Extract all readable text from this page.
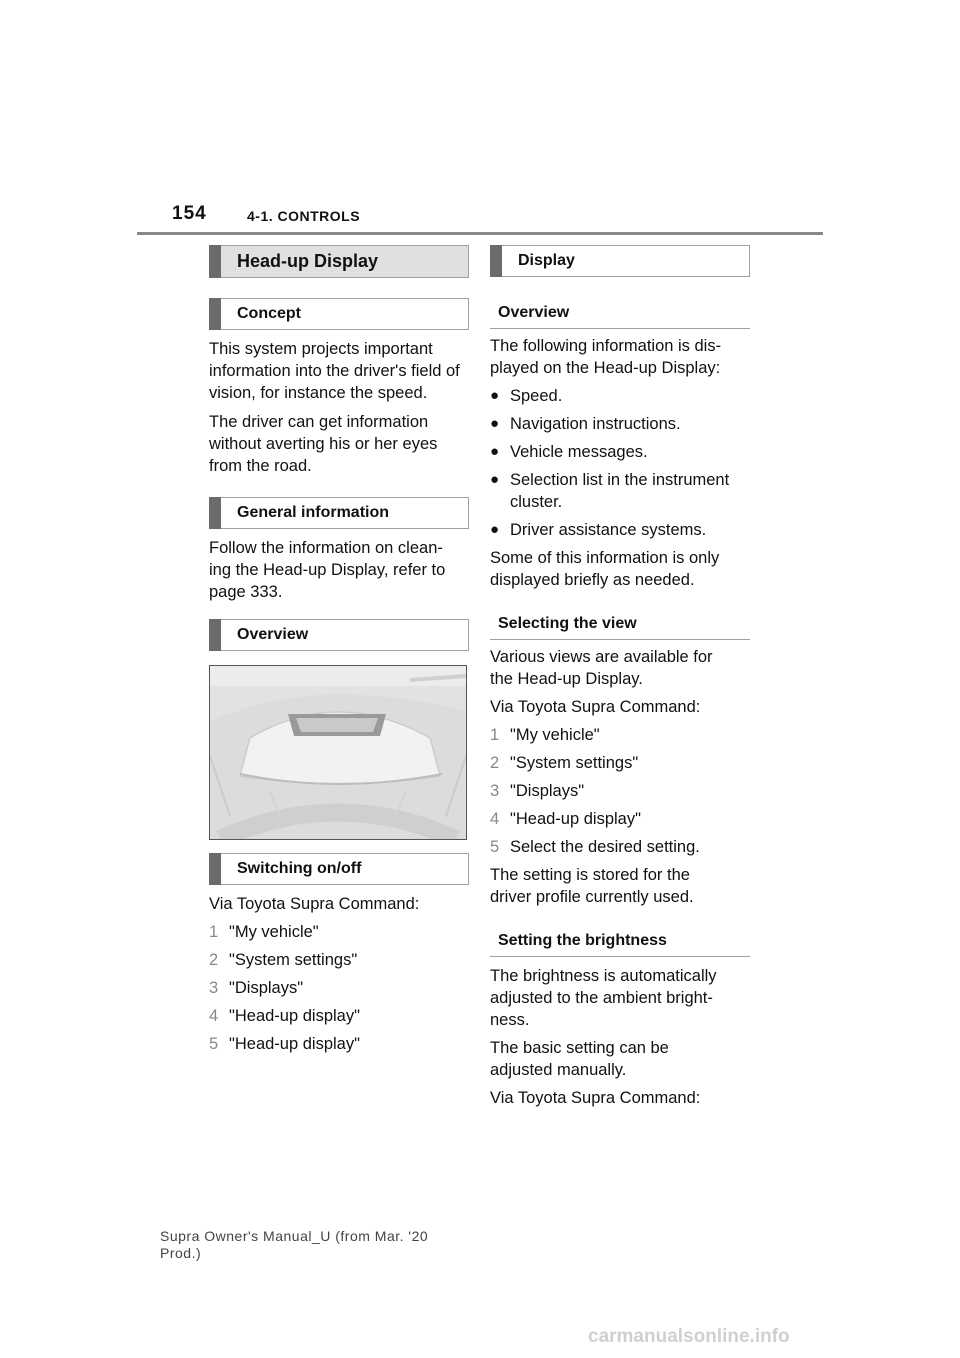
154	4-1. CONTROLS
Head-up Display
Concept

This system projects important information into the driver's field of vision, for instance the speed.

The driver can get information without averting his or her eyes from the road.

General information

Follow the information on clean-ing the Head-up Display, refer to page 333.

Overview
Switching on/off

Via Toyota Supra Command:

1 "My vehicle"
2 "System settings"
3 "Displays"
4 "Head-up display"
5 "Head-up display"
Display
Overview

The following information is dis-played on the Head-up Display:

● Speed.
● Navigation instructions.
● Vehicle messages.
● Selection list in the instrument cluster.
● Driver assistance systems.

Some of this information is only displayed briefly as needed.

Selecting the view

Various views are available for the Head-up Display.

Via Toyota Supra Command:

1 "My vehicle"
2 "System settings"
3 "Displays"
4 "Head-up display"
5 Select the desired setting.

The setting is stored for the driver profile currently used.

Setting the brightness

The brightness is automatically adjusted to the ambient bright-ness.

The basic setting can be adjusted manually.

Via Toyota Supra Command:

Supra Owner's Manual_U (from Mar. '20 Prod.)
carmanualsonline.info
